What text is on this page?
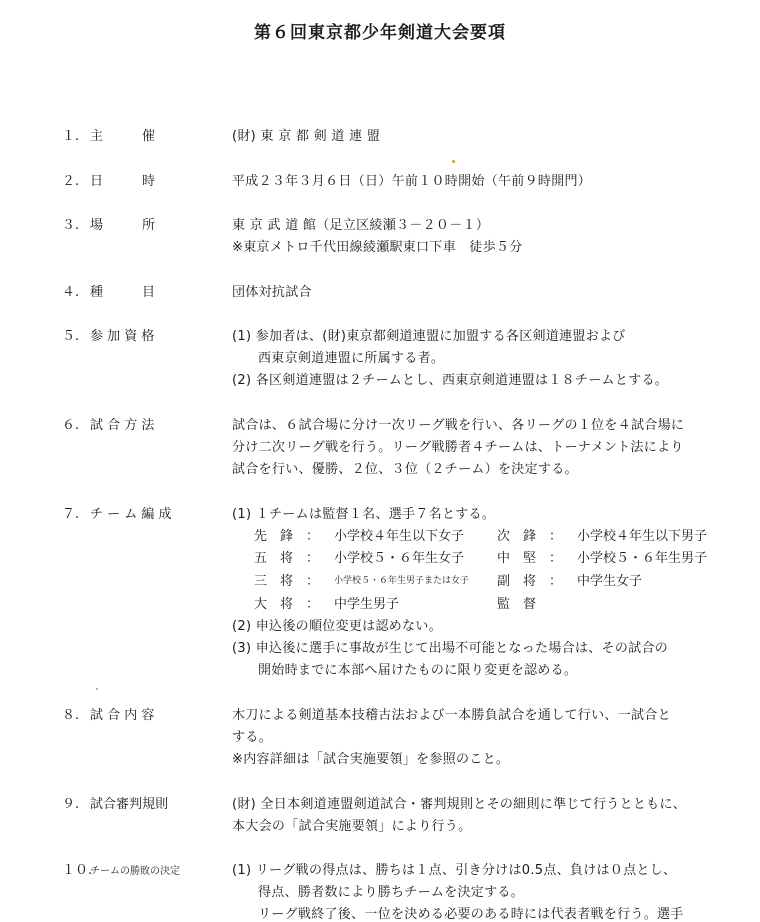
第６回東京都少年剣道大会要項
１. 主　　　催	(財) 東 京 都 剣 道 連 盟
２. 日　　　時	平成２３年３月６日（日）午前１０時開始（午前９時開門）
３. 場　　　所	東 京 武 道 館（足立区綾瀬３－２０－１）
※東京メトロ千代田線綾瀬駅東口下車　徒歩５分
４. 種　　　目	団体対抗試合
５. 参 加 資 格	(1) 参加者は、(財)東京都剣道連盟に加盟する各区剣道連盟および
西東京剣道連盟に所属する者。
(2) 各区剣道連盟は２チームとし、西東京剣道連盟は１８チームとする。
６. 試 合 方 法	試合は、６試合場に分け一次リーグ戦を行い、各リーグの１位を４試合場に
分け二次リーグ戦を行う。リーグ戦勝者４チームは、トーナメント法により
試合を行い、優勝、２位、３位（２チーム）を決定する。
７. チ ー ム 編 成	(1) １チームは監督１名、選手７名とする。
先　鋒　： 小学校４年生以下女子	次　鋒　： 小学校４年生以下男子
五　将　： 小学校５・６年生女子	中　堅　： 小学校５・６年生男子
三　将　： 小学校５・６年生男子または女子 副　将　： 中学生女子
大　将　： 中学生男子	監　督
(2) 申込後の順位変更は認めない。
(3) 申込後に選手に事故が生じて出場不可能となった場合は、その試合の
開始時までに本部へ届けたものに限り変更を認める。
８. 試 合 内 容	木刀による剣道基本技稽古法および一本勝負試合を通して行い、一試合と
する。
※内容詳細は「試合実施要領」を参照のこと。
９. 試合審判規則	(財) 全日本剣道連盟剣道試合・審判規則とその細則に準じて行うとともに、
本大会の「試合実施要領」により行う。
１０.チームの勝敗の決定	(1) リーグ戦の得点は、勝ちは１点、引き分けは0.5点、負けは０点とし、
得点、勝者数により勝ちチームを決定する。
リーグ戦終了後、一位を決める必要のある時には代表者戦を行う。選手
